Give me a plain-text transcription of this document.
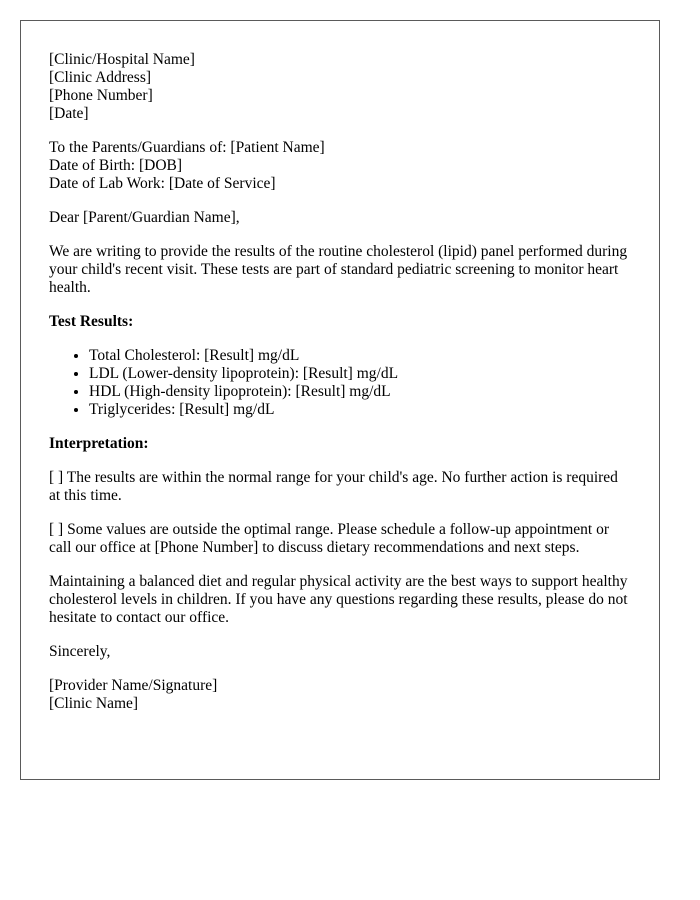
[Clinic/Hospital Name]
[Clinic Address]
[Phone Number]
[Date]
To the Parents/Guardians of: [Patient Name]
Date of Birth: [DOB]
Date of Lab Work: [Date of Service]

Dear [Parent/Guardian Name],

We are writing to provide the results of the routine cholesterol (lipid) panel performed during your child's recent visit. These tests are part of standard pediatric screening to monitor heart health.

Test Results:
• Total Cholesterol: [Result] mg/dL
• LDL (Lower-density lipoprotein): [Result] mg/dL
• HDL (High-density lipoprotein): [Result] mg/dL
• Triglycerides: [Result] mg/dL
Interpretation:

[ ] The results are within the normal range for your child's age. No further action is required at this time.

[ ] Some values are outside the optimal range. Please schedule a follow-up appointment or call our office at [Phone Number] to discuss dietary recommendations and next steps.

Maintaining a balanced diet and regular physical activity are the best ways to support healthy cholesterol levels in children. If you have any questions regarding these results, please do not hesitate to contact our office.

Sincerely,

[Provider Name/Signature]
[Clinic Name]
